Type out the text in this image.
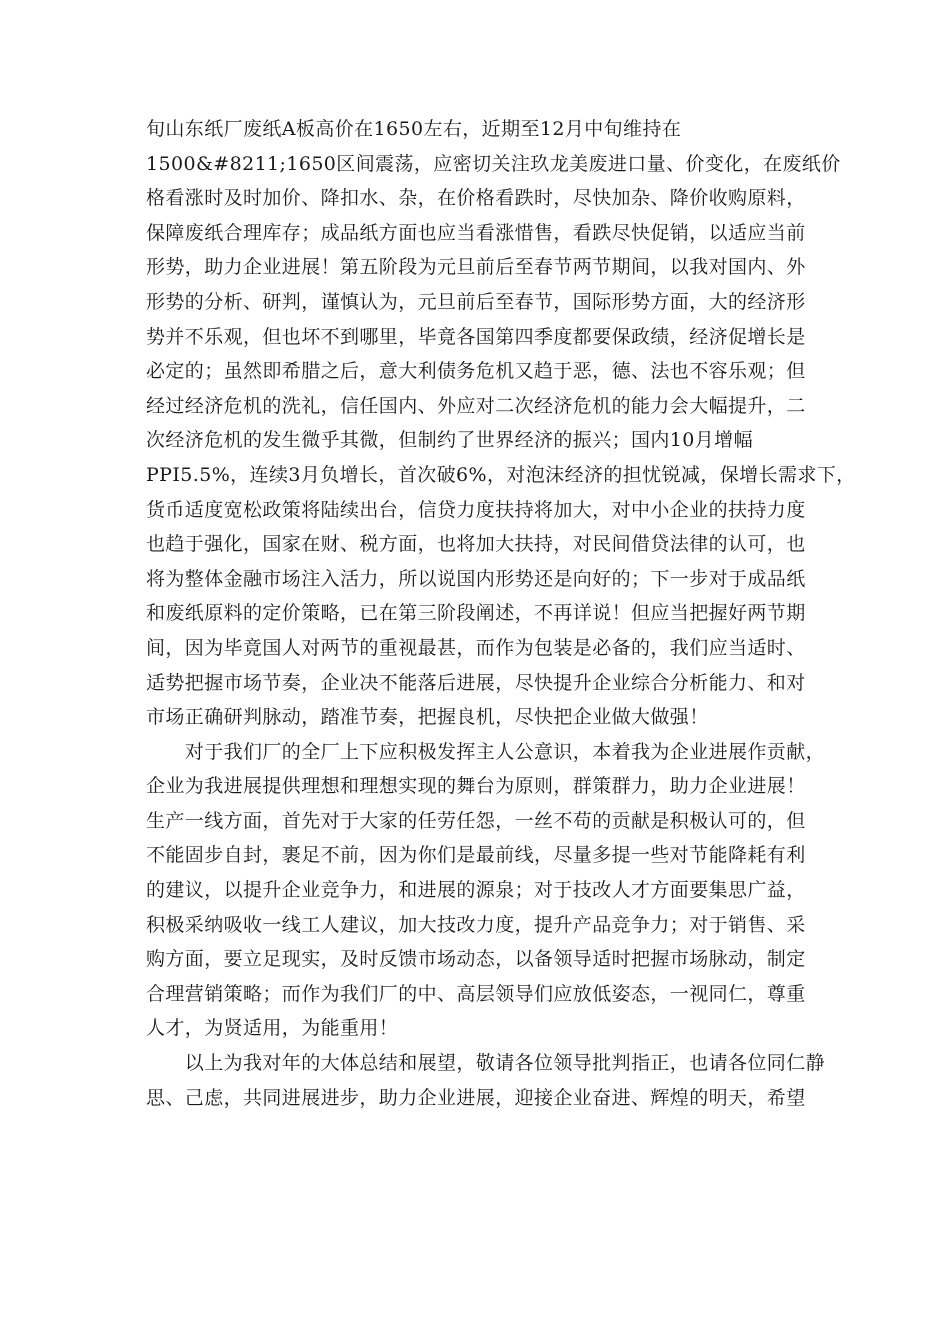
旬山东纸厂废纸A板高价在1650左右，近期至12月中旬维持在
1500&#8211;1650区间震荡，应密切关注玖龙美废进口量、价变化，在废纸价
格看涨时及时加价、降扣水、杂，在价格看跌时，尽快加杂、降价收购原料，
保障废纸合理库存；成品纸方面也应当看涨惜售，看跌尽快促销，以适应当前
形势，助力企业进展！第五阶段为元旦前后至春节两节期间，以我对国内、外
形势的分析、研判，谨慎认为，元旦前后至春节，国际形势方面，大的经济形
势并不乐观，但也坏不到哪里，毕竟各国第四季度都要保政绩，经济促增长是
必定的；虽然即希腊之后，意大利债务危机又趋于恶，德、法也不容乐观；但
经过经济危机的洗礼，信任国内、外应对二次经济危机的能力会大幅提升，二
次经济危机的发生微乎其微，但制约了世界经济的振兴；国内10月增幅
PPI5.5%，连续3月负增长，首次破6%，对泡沫经济的担忧锐减，保增长需求下，
货币适度宽松政策将陆续出台，信贷力度扶持将加大，对中小企业的扶持力度
也趋于强化，国家在财、税方面，也将加大扶持，对民间借贷法律的认可，也
将为整体金融市场注入活力，所以说国内形势还是向好的；下一步对于成品纸
和废纸原料的定价策略，已在第三阶段阐述，不再详说！但应当把握好两节期
间，因为毕竟国人对两节的重视最甚，而作为包装是必备的，我们应当适时、
适势把握市场节奏，企业决不能落后进展，尽快提升企业综合分析能力、和对
市场正确研判脉动，踏准节奏，把握良机，尽快把企业做大做强！
　　对于我们厂的全厂上下应积极发挥主人公意识，本着我为企业进展作贡献，
企业为我进展提供理想和理想实现的舞台为原则，群策群力，助力企业进展！
生产一线方面，首先对于大家的任劳任怨，一丝不苟的贡献是积极认可的，但
不能固步自封，裹足不前，因为你们是最前线，尽量多提一些对节能降耗有利
的建议，以提升企业竞争力，和进展的源泉；对于技改人才方面要集思广益，
积极采纳吸收一线工人建议，加大技改力度，提升产品竞争力；对于销售、采
购方面，要立足现实，及时反馈市场动态，以备领导适时把握市场脉动，制定
合理营销策略；而作为我们厂的中、高层领导们应放低姿态，一视同仁，尊重
人才，为贤适用，为能重用！
　　以上为我对年的大体总结和展望，敬请各位领导批判指正，也请各位同仁静
思、己虑，共同进展进步，助力企业进展，迎接企业奋进、辉煌的明天，希望
